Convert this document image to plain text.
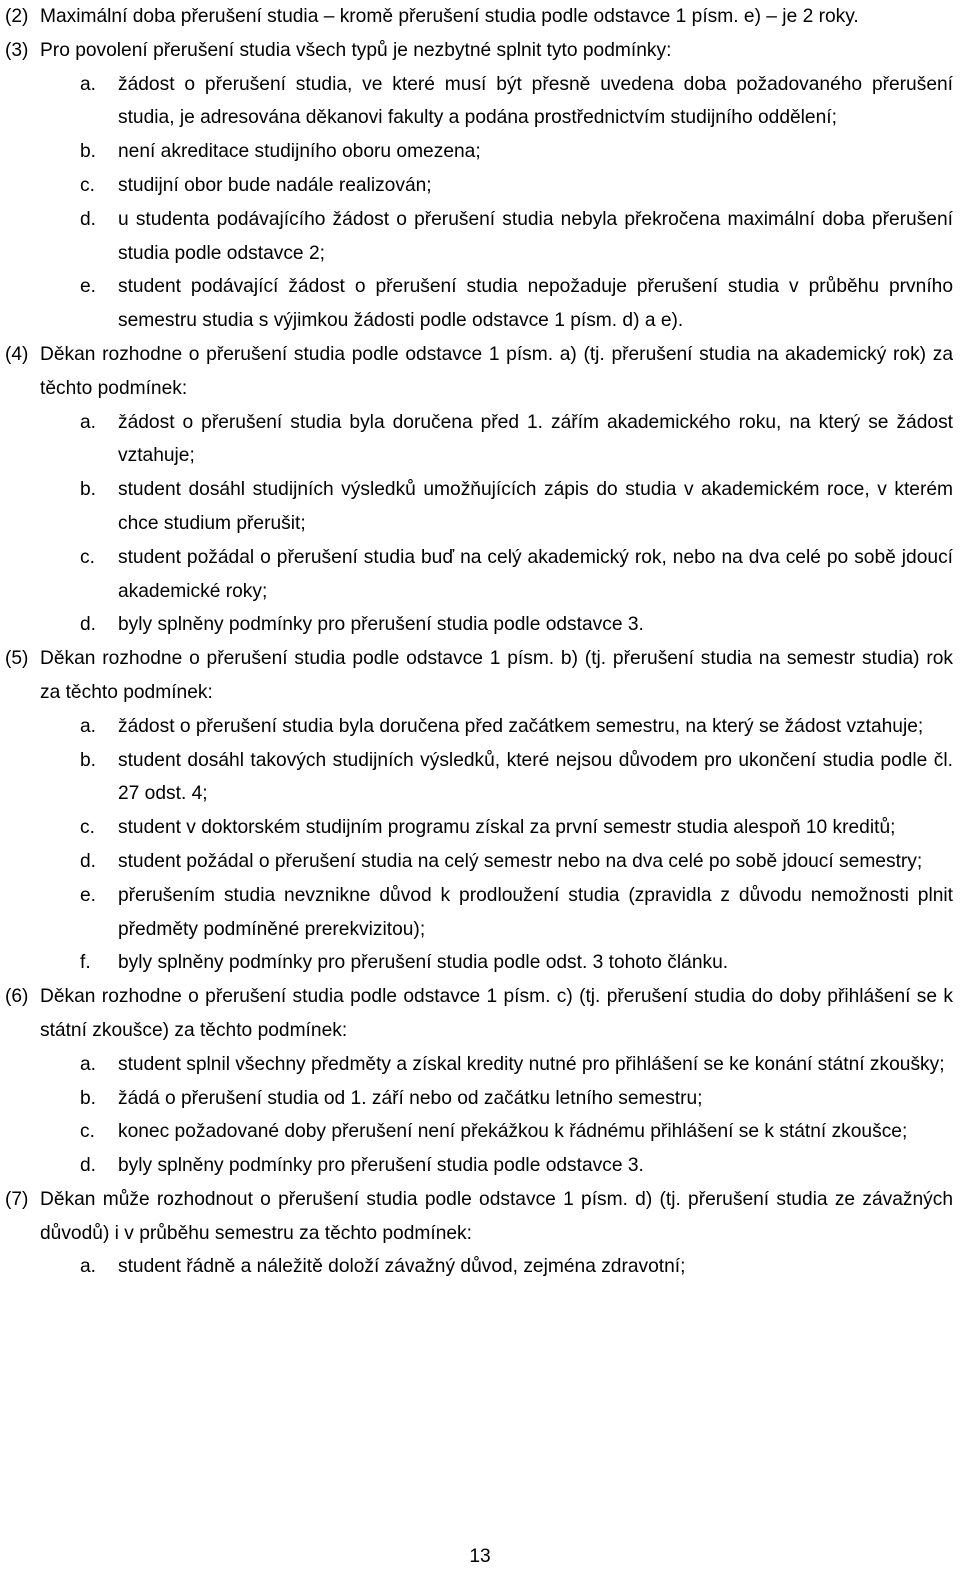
(2) Maximální doba přerušení studia – kromě přerušení studia podle odstavce 1 písm. e) – je 2 roky.
(3) Pro povolení přerušení studia všech typů je nezbytné splnit tyto podmínky:
a.	žádost o přerušení studia, ve které musí být přesně uvedena doba požadovaného přerušení studia, je adresována děkanovi fakulty a podána prostřednictvím studijního oddělení;
b.	není akreditace studijního oboru omezena;
c.	studijní obor bude nadále realizován;
d.	u studenta podávajícího žádost o přerušení studia nebyla překročena maximální doba přerušení studia podle odstavce 2;
e.	student podávající žádost o přerušení studia nepožaduje přerušení studia v průběhu prvního semestru studia s výjimkou žádosti podle odstavce 1 písm. d) a e).
(4) Děkan rozhodne o přerušení studia podle odstavce 1 písm. a) (tj. přerušení studia na akademický rok) za těchto podmínek:
a.	žádost o přerušení studia byla doručena před 1. zářím akademického roku, na který se žádost vztahuje;
b.	student dosáhl studijních výsledků umožňujících zápis do studia v akademickém roce, v kterém chce studium přerušit;
c.	student požádal o přerušení studia buď na celý akademický rok, nebo na dva celé po sobě jdoucí akademické roky;
d.	byly splněny podmínky pro přerušení studia podle odstavce 3.
(5) Děkan rozhodne o přerušení studia podle odstavce 1 písm. b) (tj. přerušení studia na semestr studia) rok za těchto podmínek:
a.	žádost o přerušení studia byla doručena před začátkem semestru, na který se žádost vztahuje;
b.	student dosáhl takových studijních výsledků, které nejsou důvodem pro ukončení studia podle čl. 27 odst. 4;
c.	student v doktorském studijním programu získal za první semestr studia alespoň 10 kreditů;
d.	student požádal o přerušení studia na celý semestr nebo na dva celé po sobě jdoucí semestry;
e.	přerušením studia nevznikne důvod k prodloužení studia (zpravidla z důvodu nemožnosti plnit předměty podmíněné prerekvizitou);
f.	byly splněny podmínky pro přerušení studia podle odst. 3 tohoto článku.
(6) Děkan rozhodne o přerušení studia podle odstavce 1 písm. c) (tj. přerušení studia do doby přihlášení se k státní zkoušce) za těchto podmínek:
a.	student splnil všechny předměty a získal kredity nutné pro přihlášení se ke konání státní zkoušky;
b.	žádá o přerušení studia od 1. září nebo od začátku letního semestru;
c.	konec požadované doby přerušení není překážkou k řádnému přihlášení se k státní zkoušce;
d.	byly splněny podmínky pro přerušení studia podle odstavce 3.
(7) Děkan může rozhodnout o přerušení studia podle odstavce 1 písm. d) (tj. přerušení studia ze závažných důvodů) i v průběhu semestru za těchto podmínek:
a.	student řádně a náležitě doloží závažný důvod, zejména zdravotní;
13
